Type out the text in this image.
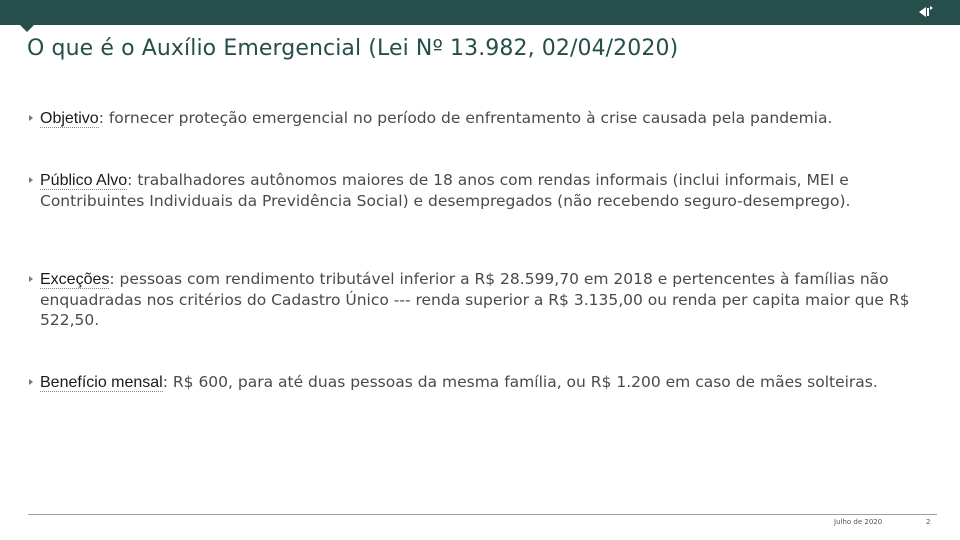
O que é o Auxílio Emergencial (Lei Nº 13.982, 02/04/2020)
Objetivo: fornecer proteção emergencial no período de enfrentamento à crise causada pela pandemia.
Público Alvo: trabalhadores autônomos maiores de 18 anos com rendas informais (inclui informais, MEI e Contribuintes Individuais da Previdência Social) e desempregados (não recebendo seguro-desemprego).
Exceções: pessoas com rendimento tributável inferior a R$ 28.599,70 em 2018 e pertencentes à famílias não enquadradas nos critérios do Cadastro Único --- renda superior a R$ 3.135,00 ou renda per capita maior que R$ 522,50.
Benefício mensal: R$ 600, para até duas pessoas da mesma família, ou R$ 1.200 em caso de mães solteiras.
Julho de 2020	2
